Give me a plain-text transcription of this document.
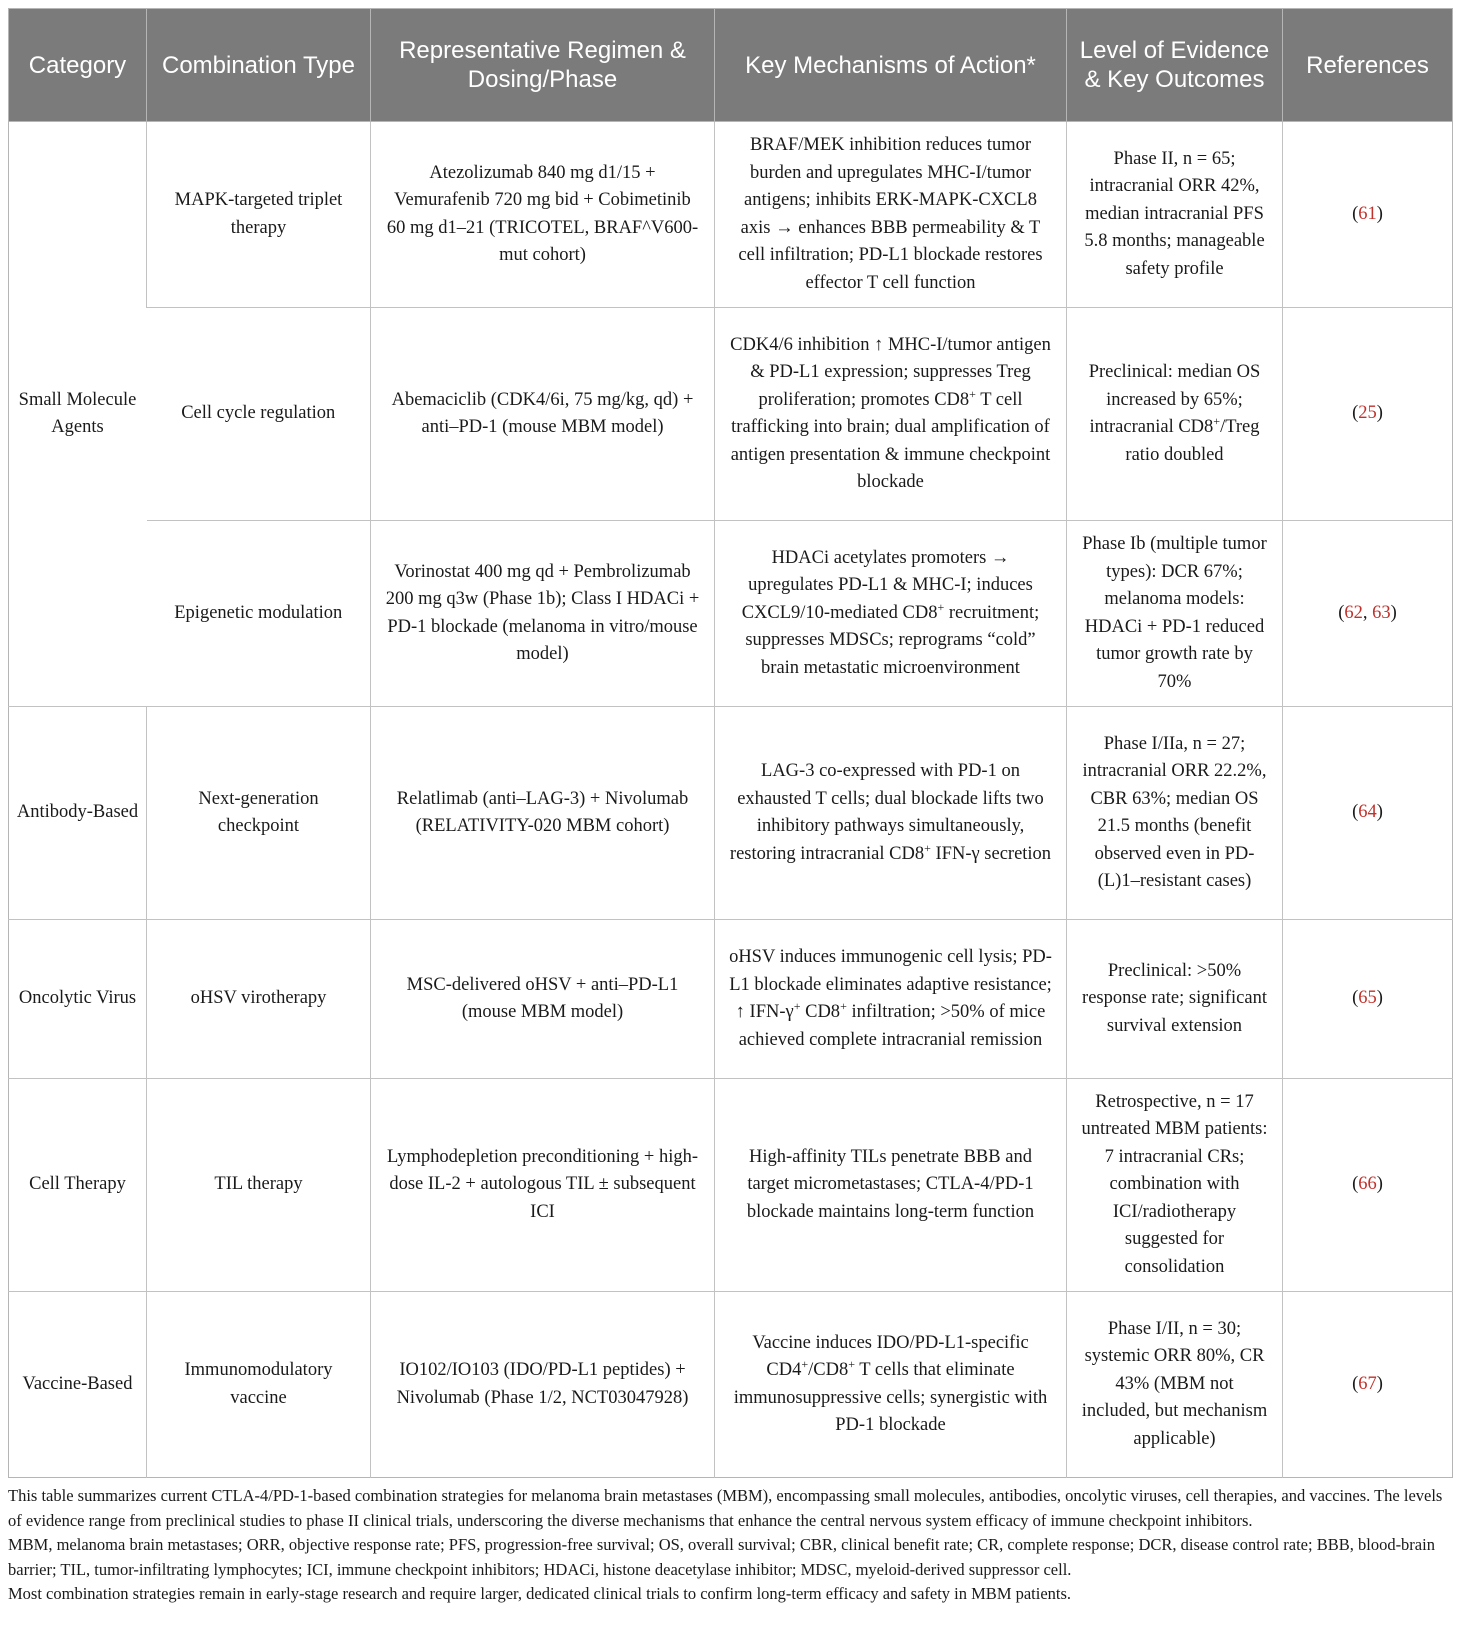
Category	Combination Type	Representative Regimen & Dosing/Phase	Key Mechanisms of Action*	Level of Evidence & Key Outcomes	References
Small Molecule Agents	MAPK-targeted triplet therapy	Atezolizumab 840 mg d1/15 + Vemurafenib 720 mg bid + Cobimetinib 60 mg d1–21 (TRICOTEL, BRAF^V600-mut cohort)	BRAF/MEK inhibition reduces tumor burden and upregulates MHC-I/tumor antigens; inhibits ERK-MAPK-CXCL8 axis → enhances BBB permeability & T cell infiltration; PD-L1 blockade restores effector T cell function	Phase II, n = 65; intracranial ORR 42%, median intracranial PFS 5.8 months; manageable safety profile	(61)
	Cell cycle regulation	Abemaciclib (CDK4/6i, 75 mg/kg, qd) + anti–PD-1 (mouse MBM model)	CDK4/6 inhibition ↑ MHC-I/tumor antigen & PD-L1 expression; suppresses Treg proliferation; promotes CD8+ T cell trafficking into brain; dual amplification of antigen presentation & immune checkpoint blockade	Preclinical: median OS increased by 65%; intracranial CD8+/Treg ratio doubled	(25)
	Epigenetic modulation	Vorinostat 400 mg qd + Pembrolizumab 200 mg q3w (Phase 1b); Class I HDACi + PD-1 blockade (melanoma in vitro/mouse model)	HDACi acetylates promoters → upregulates PD-L1 & MHC-I; induces CXCL9/10-mediated CD8+ recruitment; suppresses MDSCs; reprograms “cold” brain metastatic microenvironment	Phase Ib (multiple tumor types): DCR 67%; melanoma models: HDACi + PD-1 reduced tumor growth rate by 70%	(62, 63)
Antibody-Based	Next-generation checkpoint	Relatlimab (anti–LAG-3) + Nivolumab (RELATIVITY-020 MBM cohort)	LAG-3 co-expressed with PD-1 on exhausted T cells; dual blockade lifts two inhibitory pathways simultaneously, restoring intracranial CD8+ IFN-γ secretion	Phase I/IIa, n = 27; intracranial ORR 22.2%, CBR 63%; median OS 21.5 months (benefit observed even in PD-(L)1–resistant cases)	(64)
Oncolytic Virus	oHSV virotherapy	MSC-delivered oHSV + anti–PD-L1 (mouse MBM model)	oHSV induces immunogenic cell lysis; PD-L1 blockade eliminates adaptive resistance; ↑ IFN-γ+ CD8+ infiltration; >50% of mice achieved complete intracranial remission	Preclinical: >50% response rate; significant survival extension	(65)
Cell Therapy	TIL therapy	Lymphodepletion preconditioning + high-dose IL-2 + autologous TIL ± subsequent ICI	High-affinity TILs penetrate BBB and target micrometastases; CTLA-4/PD-1 blockade maintains long-term function	Retrospective, n = 17 untreated MBM patients: 7 intracranial CRs; combination with ICI/radiotherapy suggested for consolidation	(66)
Vaccine-Based	Immunomodulatory vaccine	IO102/IO103 (IDO/PD-L1 peptides) + Nivolumab (Phase 1/2, NCT03047928)	Vaccine induces IDO/PD-L1-specific CD4+/CD8+ T cells that eliminate immunosuppressive cells; synergistic with PD-1 blockade	Phase I/II, n = 30; systemic ORR 80%, CR 43% (MBM not included, but mechanism applicable)	(67)

This table summarizes current CTLA-4/PD-1-based combination strategies for melanoma brain metastases (MBM), encompassing small molecules, antibodies, oncolytic viruses, cell therapies, and vaccines. The levels of evidence range from preclinical studies to phase II clinical trials, underscoring the diverse mechanisms that enhance the central nervous system efficacy of immune checkpoint inhibitors.

MBM, melanoma brain metastases; ORR, objective response rate; PFS, progression-free survival; OS, overall survival; CBR, clinical benefit rate; CR, complete response; DCR, disease control rate; BBB, blood-brain barrier; TIL, tumor-infiltrating lymphocytes; ICI, immune checkpoint inhibitors; HDACi, histone deacetylase inhibitor; MDSC, myeloid-derived suppressor cell.

Most combination strategies remain in early-stage research and require larger, dedicated clinical trials to confirm long-term efficacy and safety in MBM patients.
